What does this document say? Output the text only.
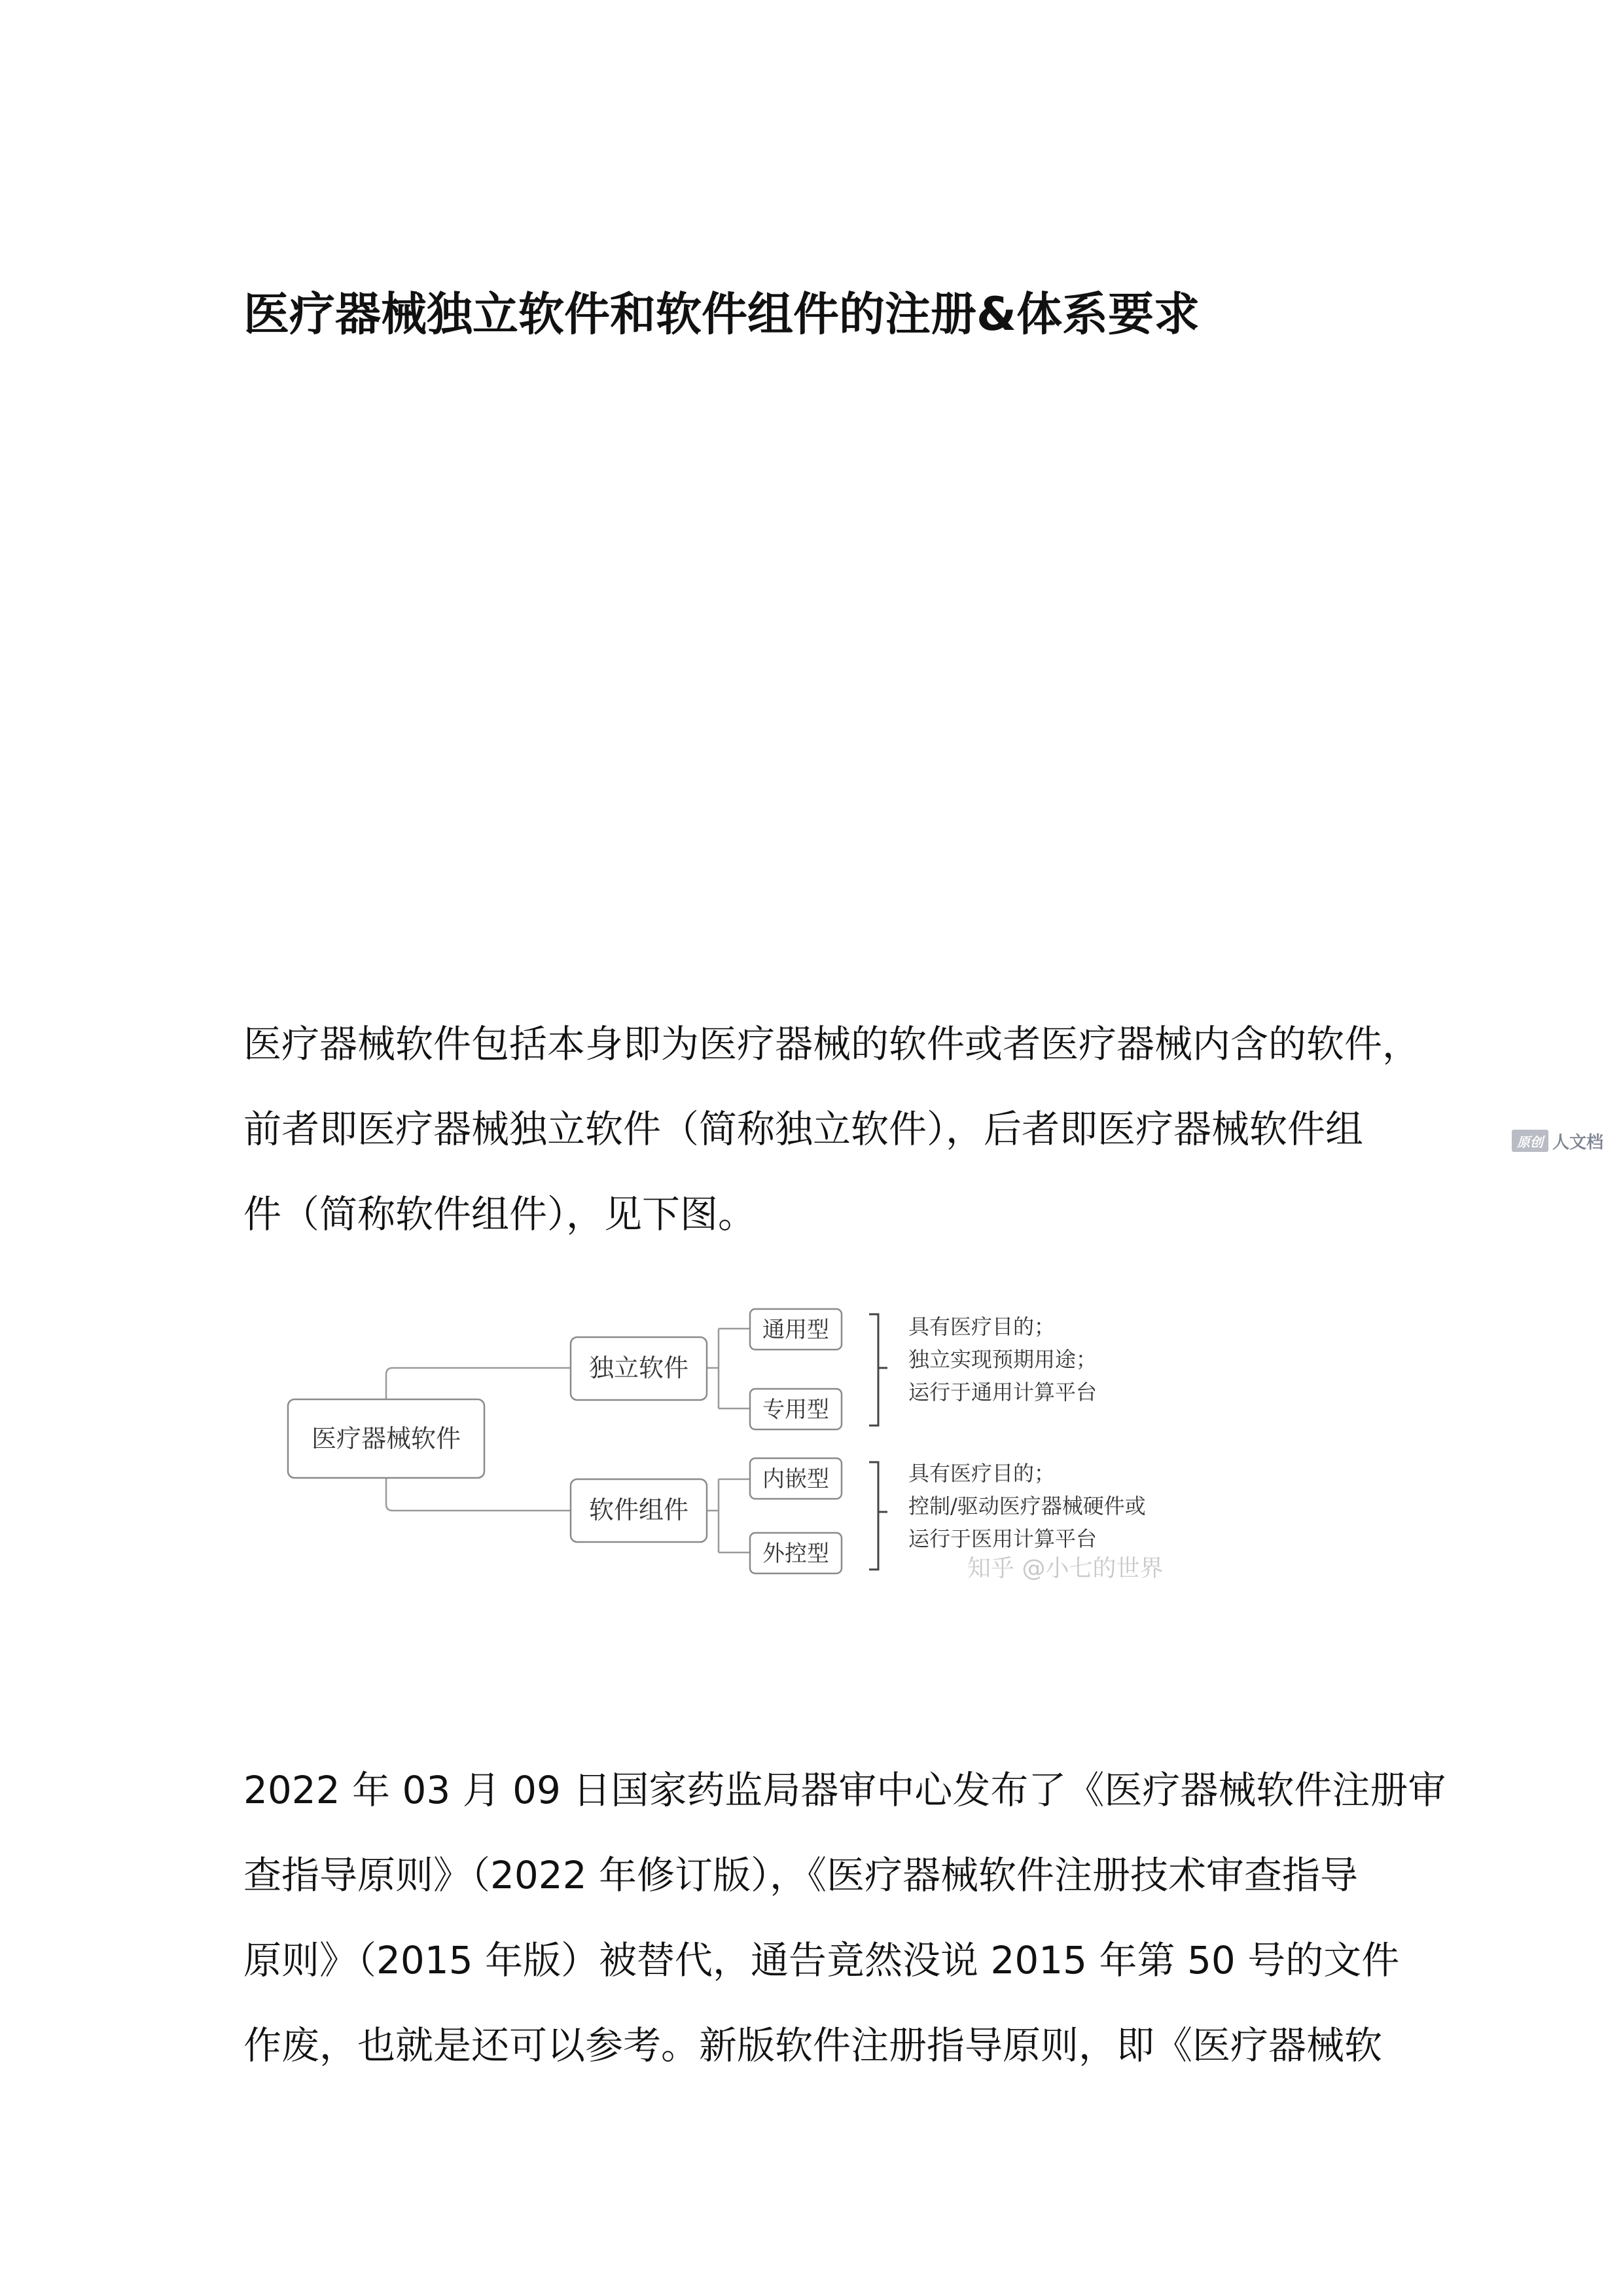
医疗器械独立软件和软件组件的注册&体系要求
医疗器械软件包括本身即为医疗器械的软件或者医疗器械内含的软件，
前者即医疗器械独立软件（简称独立软件），后者即医疗器械软件组
件（简称软件组件），见下图。
原创 人文档
医疗器械软件
独立软件
通用型
专用型
具有医疗目的；
独立实现预期用途；
运行于通用计算平台
软件组件
内嵌型
外控型
具有医疗目的；
控制/驱动医疗器械硬件或
运行于医用计算平台
知乎 @小七的世界
2022 年 03 月 09 日国家药监局器审中心发布了《医疗器械软件注册审
查指导原则》（2022 年修订版），《医疗器械软件注册技术审查指导
原则》（2015 年版）被替代，通告竟然没说 2015 年第 50 号的文件
作废，也就是还可以参考。新版软件注册指导原则，即《医疗器械软
